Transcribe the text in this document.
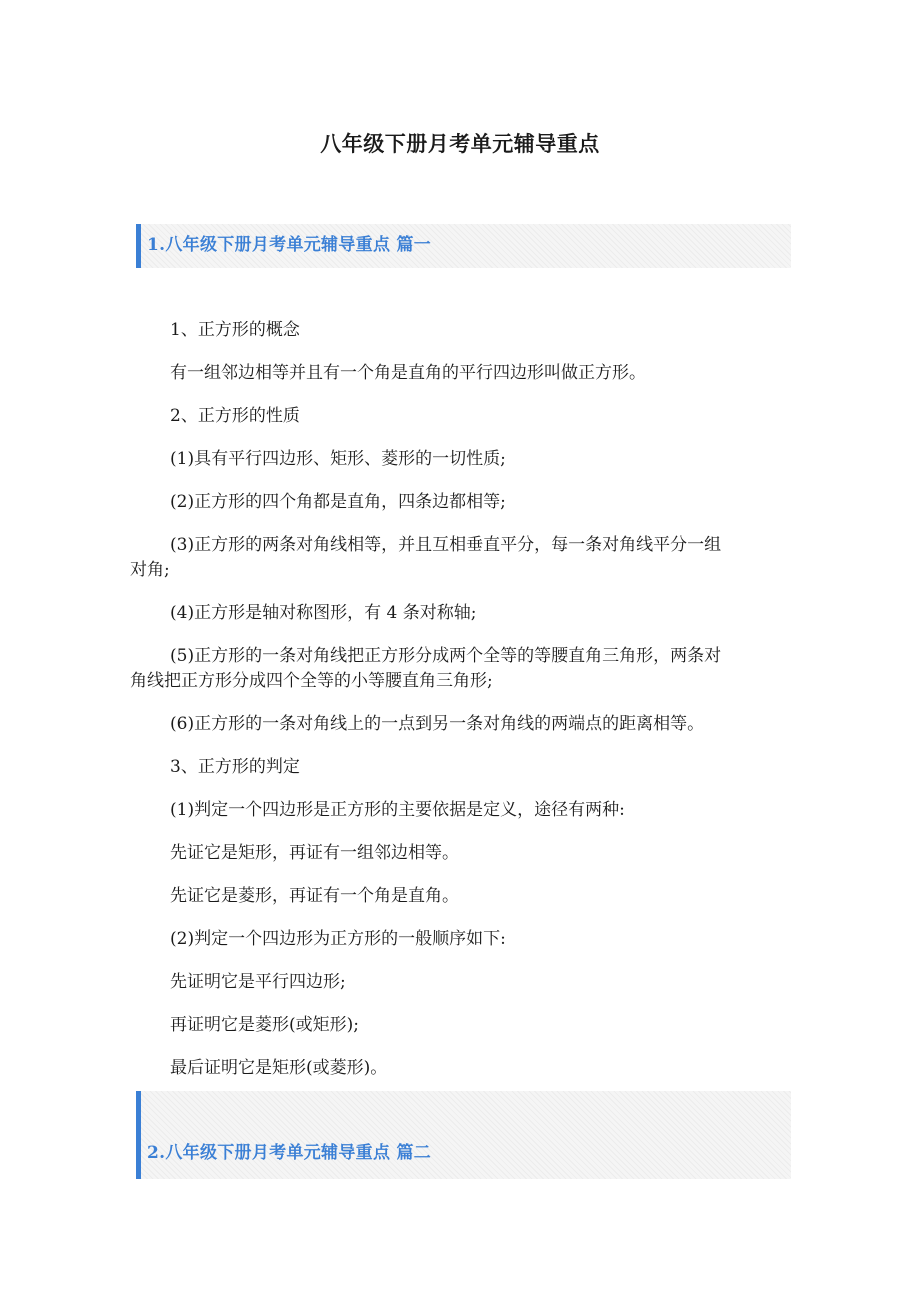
八年级下册月考单元辅导重点
1.八年级下册月考单元辅导重点 篇一

1、正方形的概念

有一组邻边相等并且有一个角是直角的平行四边形叫做正方形。

2、正方形的性质

(1)具有平行四边形、矩形、菱形的一切性质;

(2)正方形的四个角都是直角，四条边都相等;

(3)正方形的两条对角线相等，并且互相垂直平分，每一条对角线平分一组
对角;

(4)正方形是轴对称图形，有 4 条对称轴;

(5)正方形的一条对角线把正方形分成两个全等的等腰直角三角形，两条对
角线把正方形分成四个全等的小等腰直角三角形;

(6)正方形的一条对角线上的一点到另一条对角线的两端点的距离相等。

3、正方形的判定

(1)判定一个四边形是正方形的主要依据是定义，途径有两种:

先证它是矩形，再证有一组邻边相等。

先证它是菱形，再证有一个角是直角。

(2)判定一个四边形为正方形的一般顺序如下:

先证明它是平行四边形;

再证明它是菱形(或矩形);

最后证明它是矩形(或菱形)。

2.八年级下册月考单元辅导重点 篇二
